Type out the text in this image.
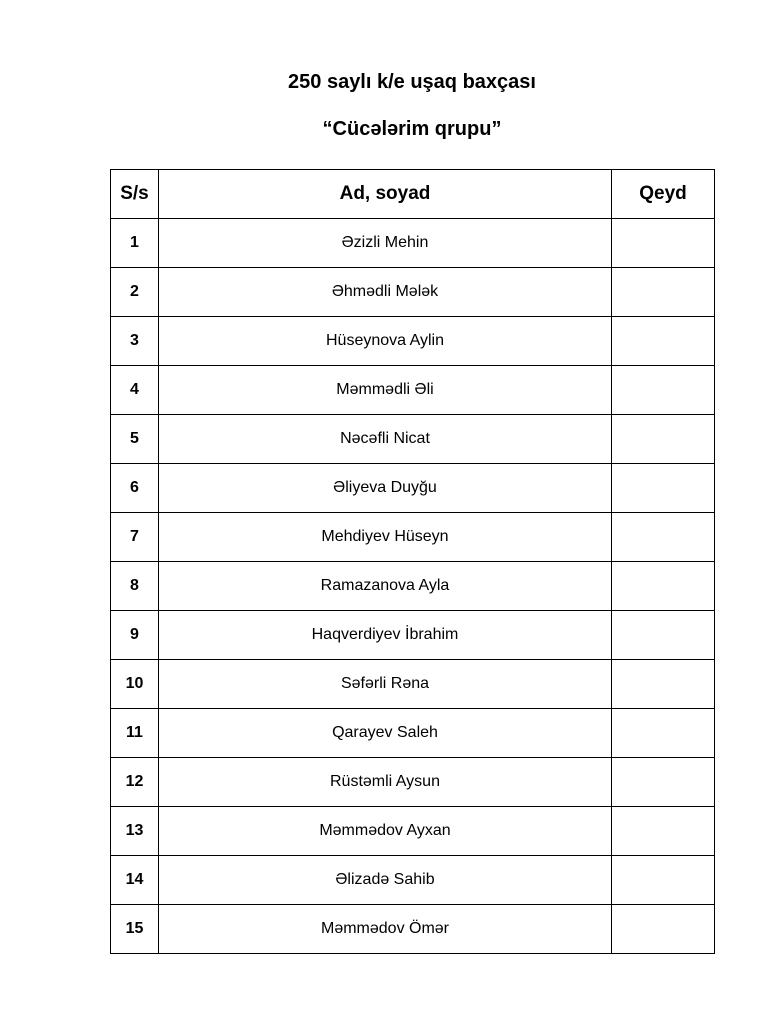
250 saylı k/e uşaq baxçası
“Cücələrim qrupu”
S/s	Ad, soyad	Qeyd
1	Əzizli Mehin	
2	Əhmədli Mələk	
3	Hüseynova Aylin	
4	Məmmədli Əli	
5	Nəcəfli Nicat	
6	Əliyeva Duyğu	
7	Mehdiyev Hüseyn	
8	Ramazanova Ayla	
9	Haqverdiyev İbrahim	
10	Səfərli Rəna	
11	Qarayev Saleh	
12	Rüstəmli Aysun	
13	Məmmədov Ayxan	
14	Əlizadə Sahib	
15	Məmmədov Ömər	
